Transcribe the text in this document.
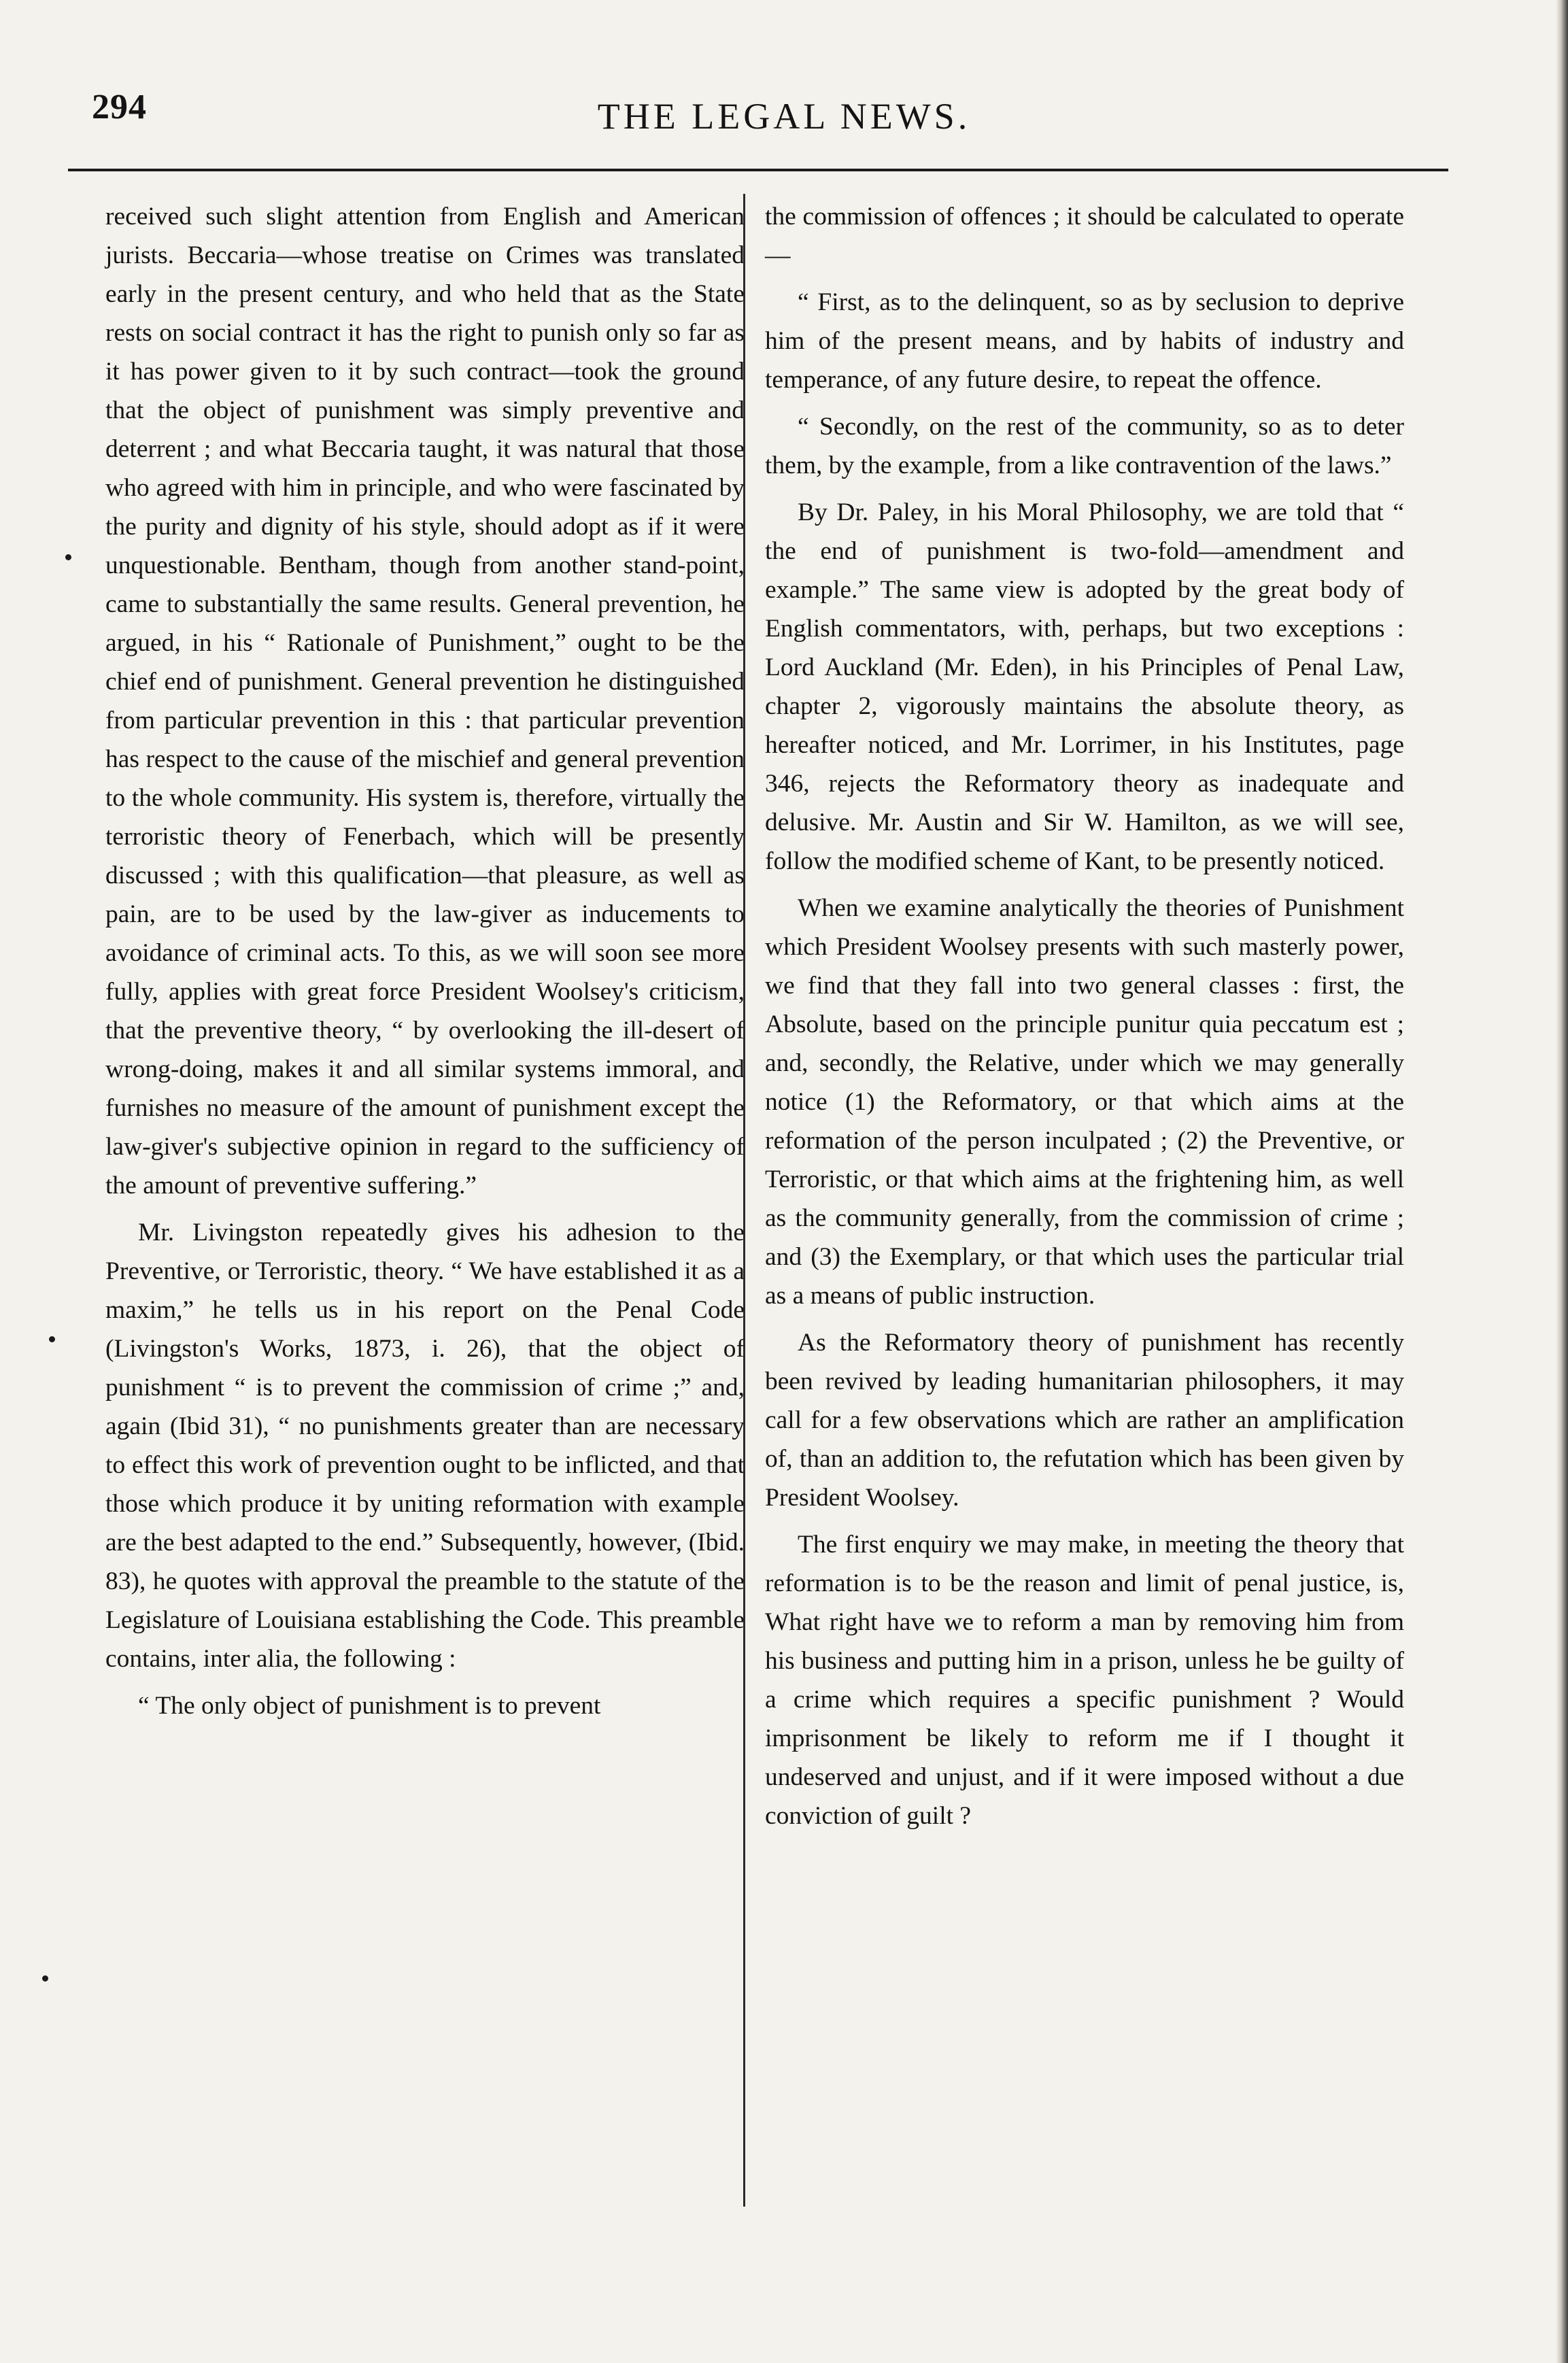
294	THE LEGAL NEWS.

received such slight attention from English and American jurists. Beccaria—whose treatise on Crimes was translated early in the present century, and who held that as the State rests on social contract it has the right to punish only so far as it has power given to it by such contract—took the ground that the object of punishment was simply preventive and deterrent ; and what Beccaria taught, it was natural that those who agreed with him in principle, and who were fascinated by the purity and dignity of his style, should adopt as if it were unquestionable. Bentham, though from another stand-point, came to substantially the same results. General prevention, he argued, in his “ Rationale of Punishment,” ought to be the chief end of punishment. General prevention he distinguished from particular prevention in this : that particular prevention has respect to the cause of the mischief and general prevention to the whole community. His system is, therefore, virtually the terroristic theory of Fenerbach, which will be presently discussed ; with this qualification—that pleasure, as well as pain, are to be used by the law-giver as inducements to avoidance of criminal acts. To this, as we will soon see more fully, applies with great force President Woolsey's criticism, that the preventive theory, “ by overlooking the ill-desert of wrong-doing, makes it and all similar systems immoral, and furnishes no measure of the amount of punishment except the law-giver's subjective opinion in regard to the sufficiency of the amount of preventive suffering.”

Mr. Livingston repeatedly gives his adhesion to the Preventive, or Terroristic, theory. “ We have established it as a maxim,” he tells us in his report on the Penal Code (Livingston's Works, 1873, i. 26), that the object of punishment “ is to prevent the commission of crime ;” and, again (Ibid 31), “ no punishments greater than are necessary to effect this work of prevention ought to be inflicted, and that those which produce it by uniting reformation with example are the best adapted to the end.” Subsequently, however, (Ibid. 83), he quotes with approval the preamble to the statute of the Legislature of Louisiana establishing the Code. This preamble contains, inter alia, the following :

“ The only object of punishment is to prevent

the commission of offences ; it should be calculated to operate—

“ First, as to the delinquent, so as by seclusion to deprive him of the present means, and by habits of industry and temperance, of any future desire, to repeat the offence.

“ Secondly, on the rest of the community, so as to deter them, by the example, from a like contravention of the laws.”

By Dr. Paley, in his Moral Philosophy, we are told that “ the end of punishment is two-fold—amendment and example.” The same view is adopted by the great body of English commentators, with, perhaps, but two exceptions : Lord Auckland (Mr. Eden), in his Principles of Penal Law, chapter 2, vigorously maintains the absolute theory, as hereafter noticed, and Mr. Lorrimer, in his Institutes, page 346, rejects the Reformatory theory as inadequate and delusive. Mr. Austin and Sir W. Hamilton, as we will see, follow the modified scheme of Kant, to be presently noticed.

When we examine analytically the theories of Punishment which President Woolsey presents with such masterly power, we find that they fall into two general classes : first, the Absolute, based on the principle punitur quia peccatum est ; and, secondly, the Relative, under which we may generally notice (1) the Reformatory, or that which aims at the reformation of the person inculpated ; (2) the Preventive, or Terroristic, or that which aims at the frightening him, as well as the community generally, from the commission of crime ; and (3) the Exemplary, or that which uses the particular trial as a means of public instruction.

As the Reformatory theory of punishment has recently been revived by leading humanitarian philosophers, it may call for a few observations which are rather an amplification of, than an addition to, the refutation which has been given by President Woolsey.

The first enquiry we may make, in meeting the theory that reformation is to be the reason and limit of penal justice, is, What right have we to reform a man by removing him from his business and putting him in a prison, unless he be guilty of a crime which requires a specific punishment ? Would imprisonment be likely to reform me if I thought it undeserved and unjust, and if it were imposed without a due conviction of guilt ?
